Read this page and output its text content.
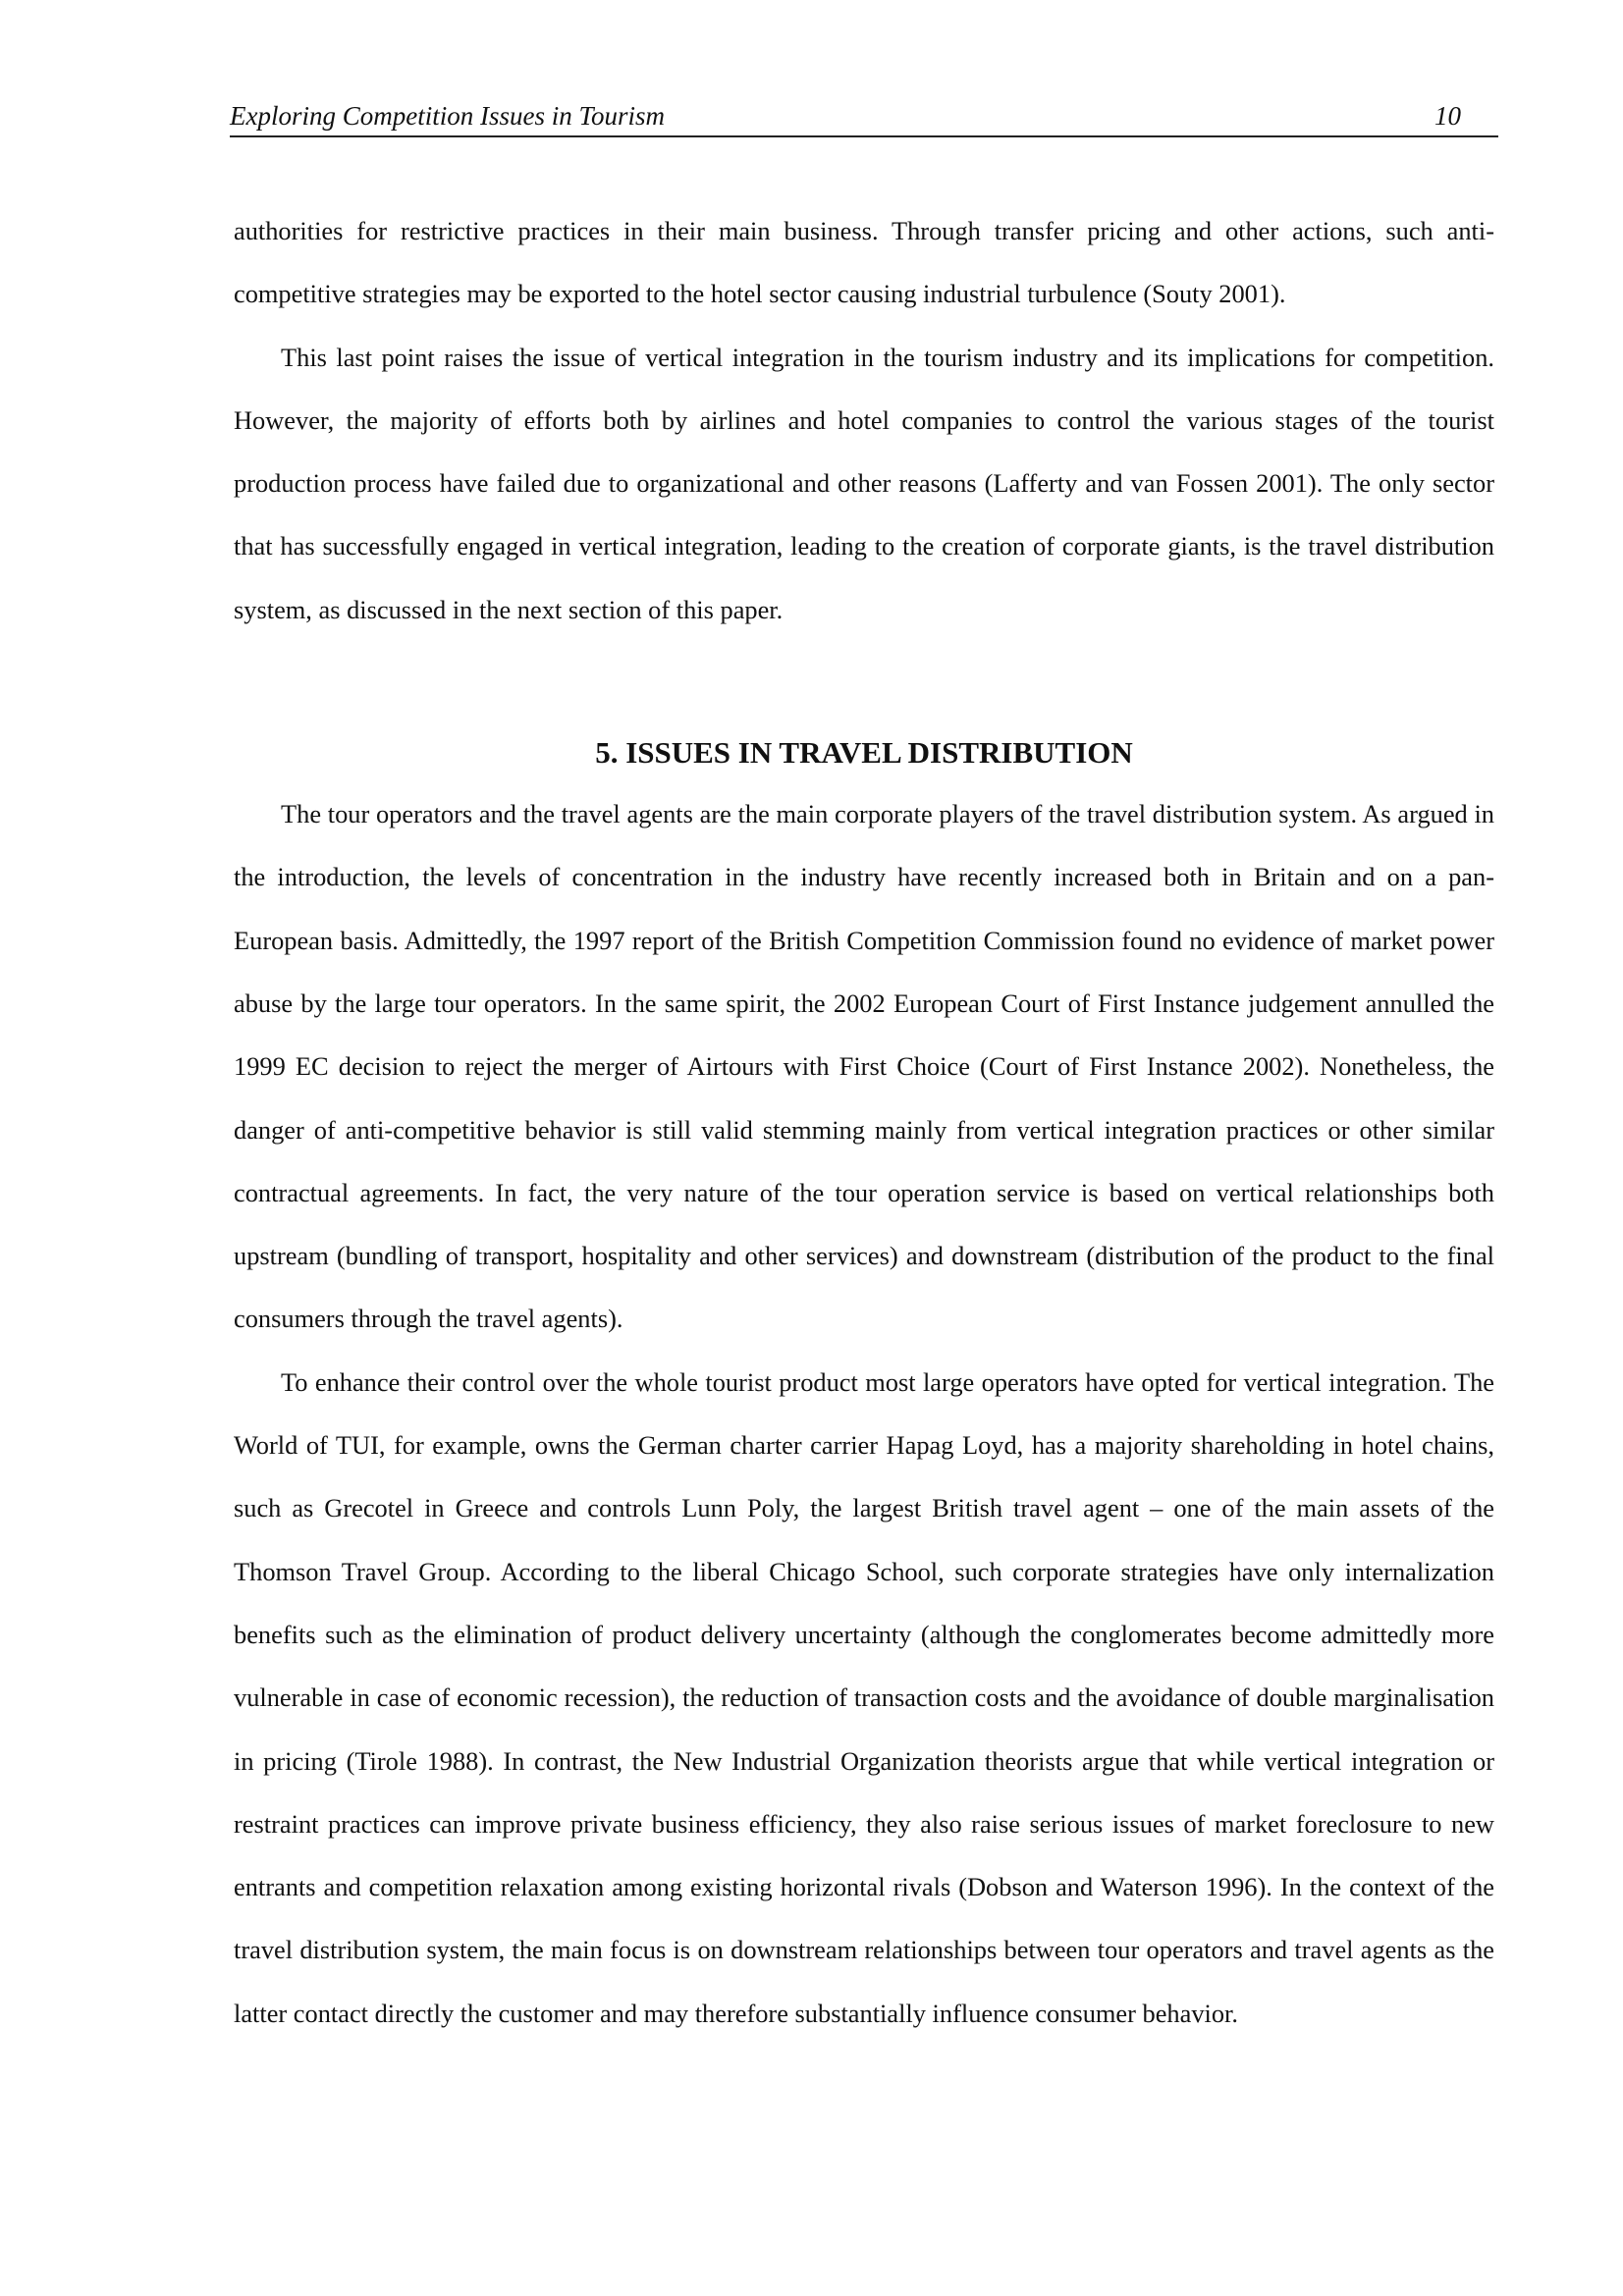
Exploring Competition Issues in Tourism	10

authorities for restrictive practices in their main business. Through transfer pricing and other actions, such anti-competitive strategies may be exported to the hotel sector causing industrial turbulence (Souty 2001).

This last point raises the issue of vertical integration in the tourism industry and its implications for competition. However, the majority of efforts both by airlines and hotel companies to control the various stages of the tourist production process have failed due to organizational and other reasons (Lafferty and van Fossen 2001). The only sector that has successfully engaged in vertical integration, leading to the creation of corporate giants, is the travel distribution system, as discussed in the next section of this paper.

5. ISSUES IN TRAVEL DISTRIBUTION

The tour operators and the travel agents are the main corporate players of the travel distribution system. As argued in the introduction, the levels of concentration in the industry have recently increased both in Britain and on a pan-European basis. Admittedly, the 1997 report of the British Competition Commission found no evidence of market power abuse by the large tour operators. In the same spirit, the 2002 European Court of First Instance judgement annulled the 1999 EC decision to reject the merger of Airtours with First Choice (Court of First Instance 2002). Nonetheless, the danger of anti-competitive behavior is still valid stemming mainly from vertical integration practices or other similar contractual agreements. In fact, the very nature of the tour operation service is based on vertical relationships both upstream (bundling of transport, hospitality and other services) and downstream (distribution of the product to the final consumers through the travel agents).

To enhance their control over the whole tourist product most large operators have opted for vertical integration. The World of TUI, for example, owns the German charter carrier Hapag Loyd, has a majority shareholding in hotel chains, such as Grecotel in Greece and controls Lunn Poly, the largest British travel agent – one of the main assets of the Thomson Travel Group. According to the liberal Chicago School, such corporate strategies have only internalization benefits such as the elimination of product delivery uncertainty (although the conglomerates become admittedly more vulnerable in case of economic recession), the reduction of transaction costs and the avoidance of double marginalisation in pricing (Tirole 1988). In contrast, the New Industrial Organization theorists argue that while vertical integration or restraint practices can improve private business efficiency, they also raise serious issues of market foreclosure to new entrants and competition relaxation among existing horizontal rivals (Dobson and Waterson 1996). In the context of the travel distribution system, the main focus is on downstream relationships between tour operators and travel agents as the latter contact directly the customer and may therefore substantially influence consumer behavior.
